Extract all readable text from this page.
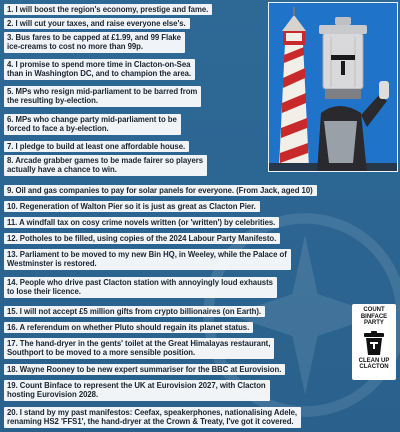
1. I will boost the region's economy, prestige and fame.
2. I will cut your taxes, and raise everyone else's.
3. Bus fares to be capped at £1.99, and 99 Flake
ice-creams to cost no more than 99p.
4. I promise to spend more time in Clacton-on-Sea
than in Washington DC, and to champion the area.
5. MPs who resign mid-parliament to be barred from
the resulting by-election.
6. MPs who change party mid-parliament to be
forced to face a by-election.
7. I pledge to build at least one affordable house.
8. Arcade grabber games to be made fairer so players
actually have a chance to win.
9. Oil and gas companies to pay for solar panels for everyone. (From Jack, aged 10)
10. Regeneration of Walton Pier so it is just as great as Clacton Pier.
11. A windfall tax on cosy crime novels written (or 'written') by celebrities.
12. Potholes to be filled, using copies of the 2024 Labour Party Manifesto.
13. Parliament to be moved to my new Bin HQ, in Weeley, while the Palace of
Westminster is restored.
14. People who drive past Clacton station with annoyingly loud exhausts
to lose their licence.
15. I will not accept £5 million gifts from crypto billionaires (on Earth).
16. A referendum on whether Pluto should regain its planet status.
17. The hand-dryer in the gents' toilet at the Great Himalayas restaurant,
Southport to be moved to a more sensible position.
18. Wayne Rooney to be new expert summariser for the BBC at Eurovision.
19. Count Binface to represent the UK at Eurovision 2027, with Clacton
hosting Eurovision 2028.
20. I stand by my past manifestos: Ceefax, speakerphones, nationalising Adele,
renaming HS2 'FFS1', the hand-dryer at the Crown & Treaty, I've got it covered.
COUNT
BINFACE
PARTY
CLEAN UP
CLACTON
